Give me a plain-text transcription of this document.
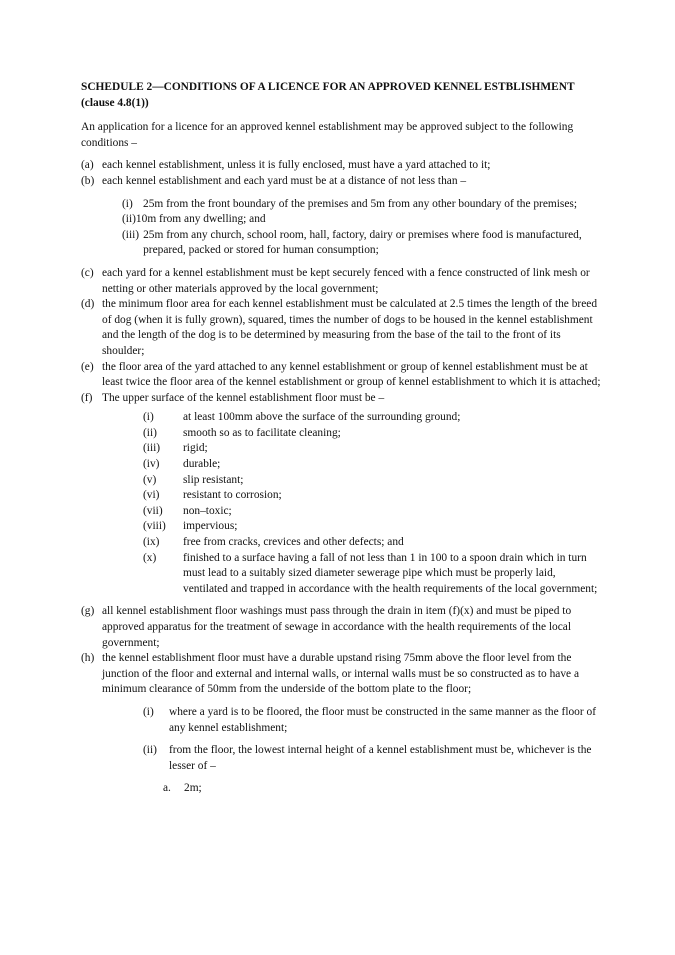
SCHEDULE 2—CONDITIONS OF A LICENCE FOR AN APPROVED KENNEL ESTBLISHMENT (clause 4.8(1))
An application for a licence for an approved kennel establishment may be approved subject to the following conditions –
(a) each kennel establishment, unless it is fully enclosed, must have a yard attached to it;
(b) each kennel establishment and each yard must be at a distance of not less than –
(i) 25m from the front boundary of the premises and 5m from any other boundary of the premises;
(ii) 10m from any dwelling; and
(iii) 25m from any church, school room, hall, factory, dairy or premises where food is manufactured, prepared, packed or stored for human consumption;
(c) each yard for a kennel establishment must be kept securely fenced with a fence constructed of link mesh or netting or other materials approved by the local government;
(d) the minimum floor area for each kennel establishment must be calculated at 2.5 times the length of the breed of dog (when it is fully grown), squared, times the number of dogs to be housed in the kennel establishment and the length of the dog is to be determined by measuring from the base of the tail to the front of its shoulder;
(e) the floor area of the yard attached to any kennel establishment or group of kennel establishment must be at least twice the floor area of the kennel establishment or group of kennel establishment to which it is attached;
(f) The upper surface of the kennel establishment floor must be –
(i)	at least 100mm above the surface of the surrounding ground;
(ii)	smooth so as to facilitate cleaning;
(iii)	rigid;
(iv)	durable;
(v)	slip resistant;
(vi)	resistant to corrosion;
(vii)	non–toxic;
(viii)	impervious;
(ix)	free from cracks, crevices and other defects; and
(x)	finished to a surface having a fall of not less than 1 in 100 to a spoon drain which in turn must lead to a suitably sized diameter sewerage pipe which must be properly laid, ventilated and trapped in accordance with the health requirements of the local government;
(g) all kennel establishment floor washings must pass through the drain in item (f)(x) and must be piped to approved apparatus for the treatment of sewage in accordance with the health requirements of the local government;
(h) the kennel establishment floor must have a durable upstand rising 75mm above the floor level from the junction of the floor and external and internal walls, or internal walls must be so constructed as to have a minimum clearance of 50mm from the underside of the bottom plate to the floor;
(i)	where a yard is to be floored, the floor must be constructed in the same manner as the floor of any kennel establishment;
(ii)	from the floor, the lowest internal height of a kennel establishment must be, whichever is the lesser of –
a.	2m;
